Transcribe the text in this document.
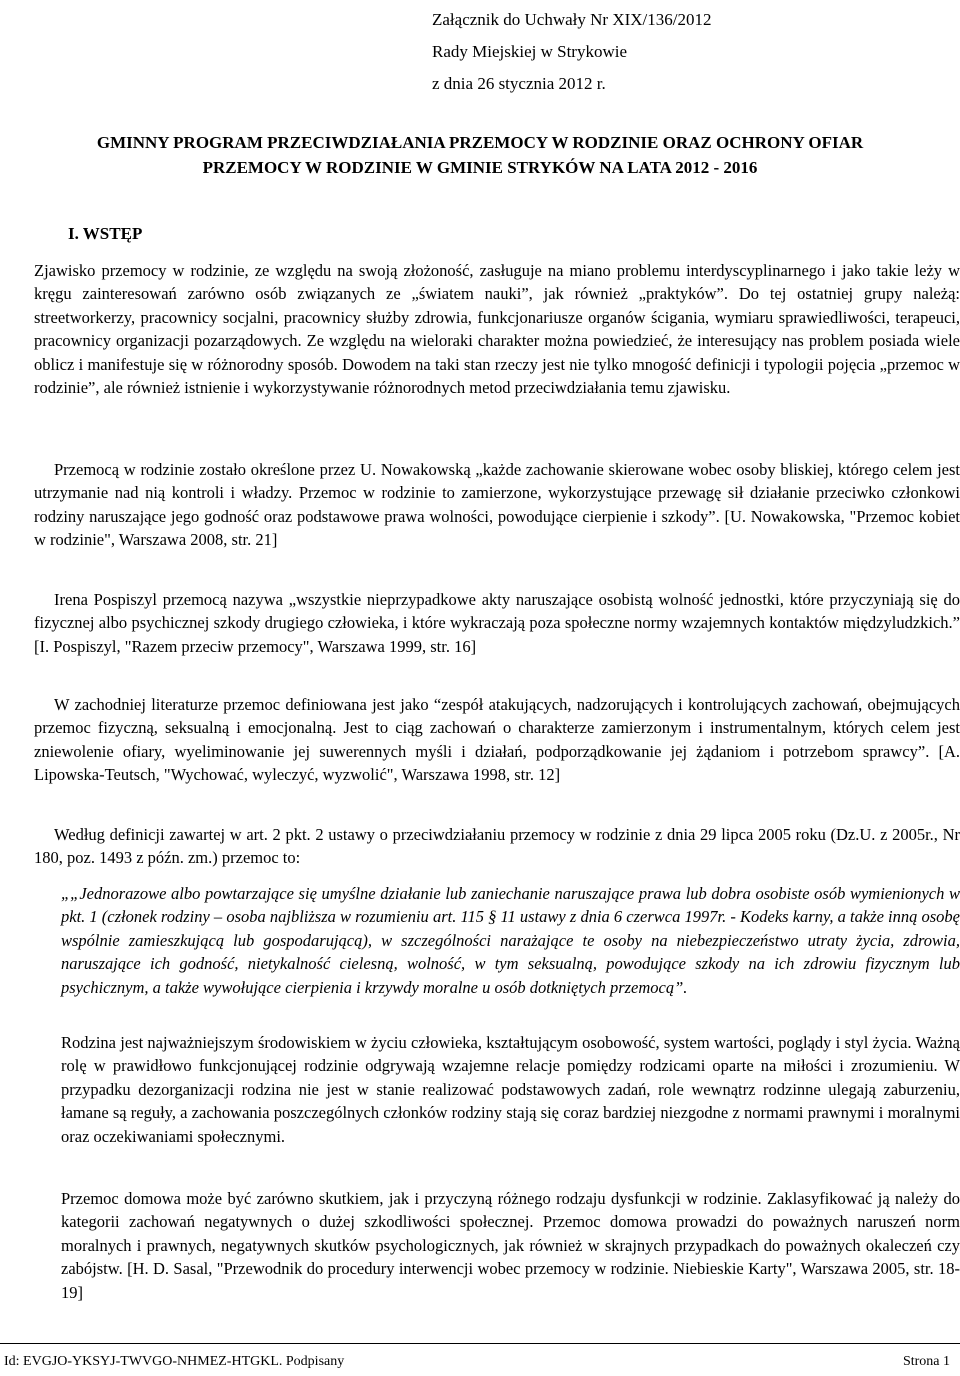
Załącznik do Uchwały Nr XIX/136/2012
Rady Miejskiej w Strykowie
z dnia 26 stycznia 2012 r.
GMINNY PROGRAM PRZECIWDZIAŁANIA PRZEMOCY W RODZINIE ORAZ OCHRONY OFIAR
PRZEMOCY W RODZINIE W GMINIE STRYKÓW NA LATA 2012 - 2016
I. WSTĘP

Zjawisko przemocy w rodzinie, ze względu na swoją złożoność, zasługuje na miano problemu interdyscyplinarnego i jako takie leży w kręgu zainteresowań zarówno osób związanych ze „światem nauki”, jak również „praktyków”. Do tej ostatniej grupy należą: streetworkerzy, pracownicy socjalni, pracownicy służby zdrowia, funkcjonariusze organów ścigania, wymiaru sprawiedliwości, terapeuci, pracownicy organizacji pozarządowych. Ze względu na wieloraki charakter można powiedzieć, że interesujący nas problem posiada wiele oblicz i manifestuje się w różnorodny sposób. Dowodem na taki stan rzeczy jest nie tylko mnogość definicji i typologii pojęcia „przemoc w rodzinie”, ale również istnienie i wykorzystywanie różnorodnych metod przeciwdziałania temu zjawisku.

Przemocą w rodzinie zostało określone przez U. Nowakowską „każde zachowanie skierowane wobec osoby bliskiej, którego celem jest utrzymanie nad nią kontroli i władzy. Przemoc w rodzinie to zamierzone, wykorzystujące przewagę sił działanie przeciwko członkowi rodziny naruszające jego godność oraz podstawowe prawa wolności, powodujące cierpienie i szkody”. [U. Nowakowska, "Przemoc kobiet w rodzinie", Warszawa 2008, str. 21]

Irena Pospiszyl przemocą nazywa „wszystkie nieprzypadkowe akty naruszające osobistą wolność jednostki, które przyczyniają się do fizycznej albo psychicznej szkody drugiego człowieka, i które wykraczają poza społeczne normy wzajemnych kontaktów międzyludzkich.” [I. Pospiszyl, "Razem przeciw przemocy", Warszawa 1999, str. 16]

W zachodniej literaturze przemoc definiowana jest jako “zespół atakujących, nadzorujących i kontrolujących zachowań, obejmujących przemoc fizyczną, seksualną i emocjonalną. Jest to ciąg zachowań o charakterze zamierzonym i instrumentalnym, których celem jest zniewolenie ofiary, wyeliminowanie jej suwerennych myśli i działań, podporządkowanie jej żądaniom i potrzebom sprawcy”. [A. Lipowska-Teutsch, "Wychować, wyleczyć, wyzwolić", Warszawa 1998, str. 12]

Według definicji zawartej w art. 2 pkt. 2 ustawy o przeciwdziałaniu przemocy w rodzinie z dnia 29 lipca 2005 roku (Dz.U. z 2005r., Nr 180, poz. 1493 z późn. zm.) przemoc to:

„„Jednorazowe albo powtarzające się umyślne działanie lub zaniechanie naruszające prawa lub dobra osobiste osób wymienionych w pkt. 1 (członek rodziny – osoba najbliższa w rozumieniu art. 115 § 11 ustawy z dnia 6 czerwca 1997r. - Kodeks karny, a także inną osobę wspólnie zamieszkującą lub gospodarującą), w szczególności narażające te osoby na niebezpieczeństwo utraty życia, zdrowia, naruszające ich godność, nietykalność cielesną, wolność, w tym seksualną, powodujące szkody na ich zdrowiu fizycznym lub psychicznym, a także wywołujące cierpienia i krzywdy moralne u osób dotkniętych przemocą”.

Rodzina jest najważniejszym środowiskiem w życiu człowieka, kształtującym osobowość, system wartości, poglądy i styl życia. Ważną rolę w prawidłowo funkcjonującej rodzinie odgrywają wzajemne relacje pomiędzy rodzicami oparte na miłości i zrozumieniu. W przypadku dezorganizacji rodzina nie jest w stanie realizować podstawowych zadań, role wewnątrz rodzinne ulegają zaburzeniu, łamane są reguły, a zachowania poszczególnych członków rodziny stają się coraz bardziej niezgodne z normami prawnymi i moralnymi oraz oczekiwaniami społecznymi.

Przemoc domowa może być zarówno skutkiem, jak i przyczyną różnego rodzaju dysfunkcji w rodzinie. Zaklasyfikować ją należy do kategorii zachowań negatywnych o dużej szkodliwości społecznej. Przemoc domowa prowadzi do poważnych naruszeń norm moralnych i prawnych, negatywnych skutków psychologicznych, jak również w skrajnych przypadkach do poważnych okaleczeń czy zabójstw. [H. D. Sasal, "Przewodnik do procedury interwencji wobec przemocy w rodzinie. Niebieskie Karty", Warszawa 2005, str. 18-19]

Id: EVGJO-YKSYJ-TWVGO-NHMEZ-HTGKL. Podpisany	Strona 1
